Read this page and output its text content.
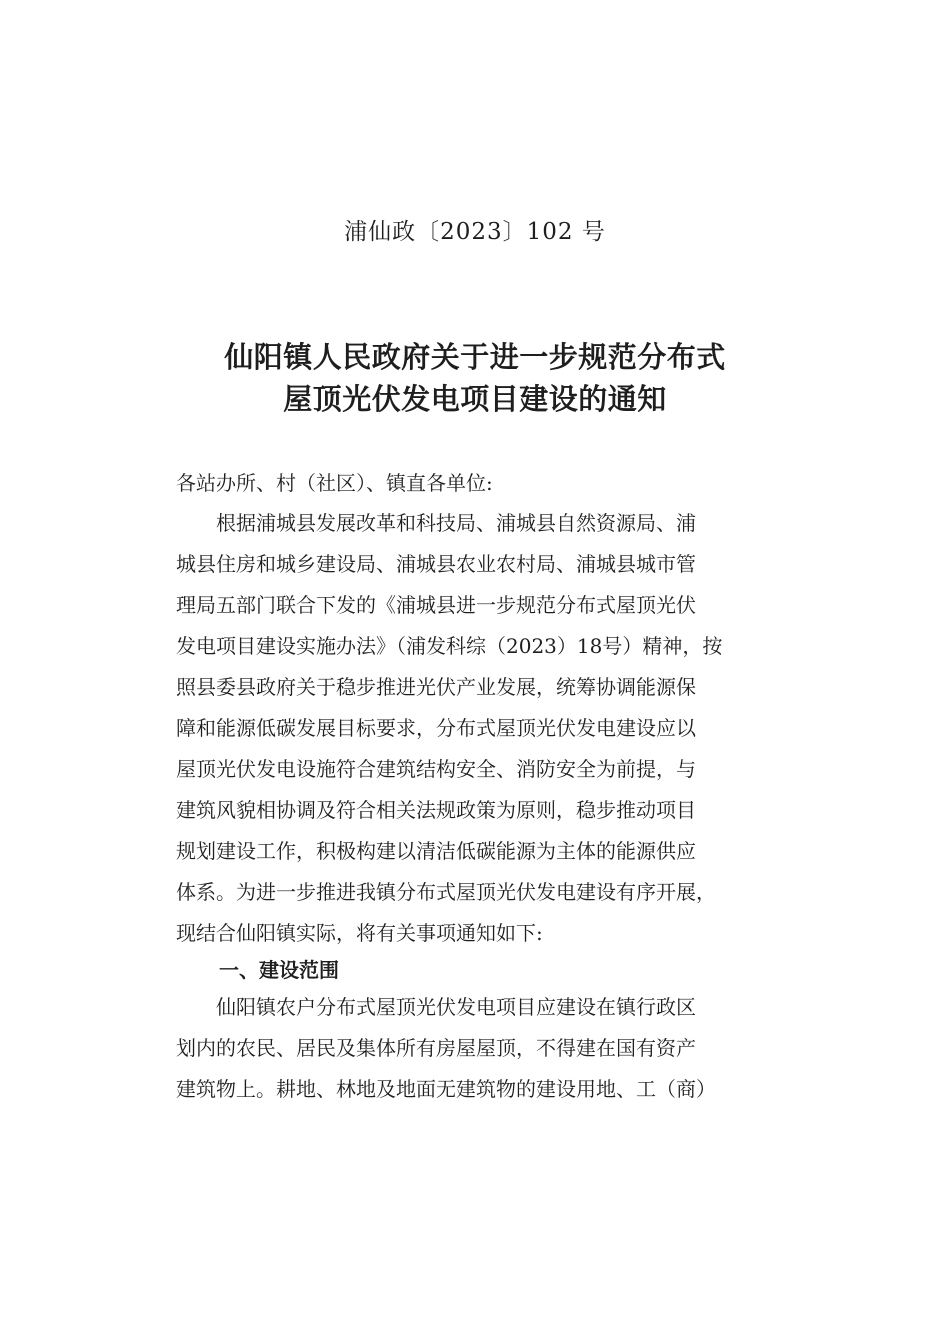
浦仙政〔2023〕102 号
仙阳镇人民政府关于进一步规范分布式
屋顶光伏发电项目建设的通知
各站办所、村（社区）、镇直各单位:
　　根据浦城县发展改革和科技局、浦城县自然资源局、浦
城县住房和城乡建设局、浦城县农业农村局、浦城县城市管
理局五部门联合下发的《浦城县进一步规范分布式屋顶光伏
发电项目建设实施办法》（浦发科综（2023）18号）精神，按
照县委县政府关于稳步推进光伏产业发展，统筹协调能源保
障和能源低碳发展目标要求，分布式屋顶光伏发电建设应以
屋顶光伏发电设施符合建筑结构安全、消防安全为前提，与
建筑风貌相协调及符合相关法规政策为原则，稳步推动项目
规划建设工作，积极构建以清洁低碳能源为主体的能源供应
体系。为进一步推进我镇分布式屋顶光伏发电建设有序开展，
现结合仙阳镇实际，将有关事项通知如下:
一、建设范围
　　仙阳镇农户分布式屋顶光伏发电项目应建设在镇行政区
划内的农民、居民及集体所有房屋屋顶，不得建在国有资产
建筑物上。耕地、林地及地面无建筑物的建设用地、工（商）
